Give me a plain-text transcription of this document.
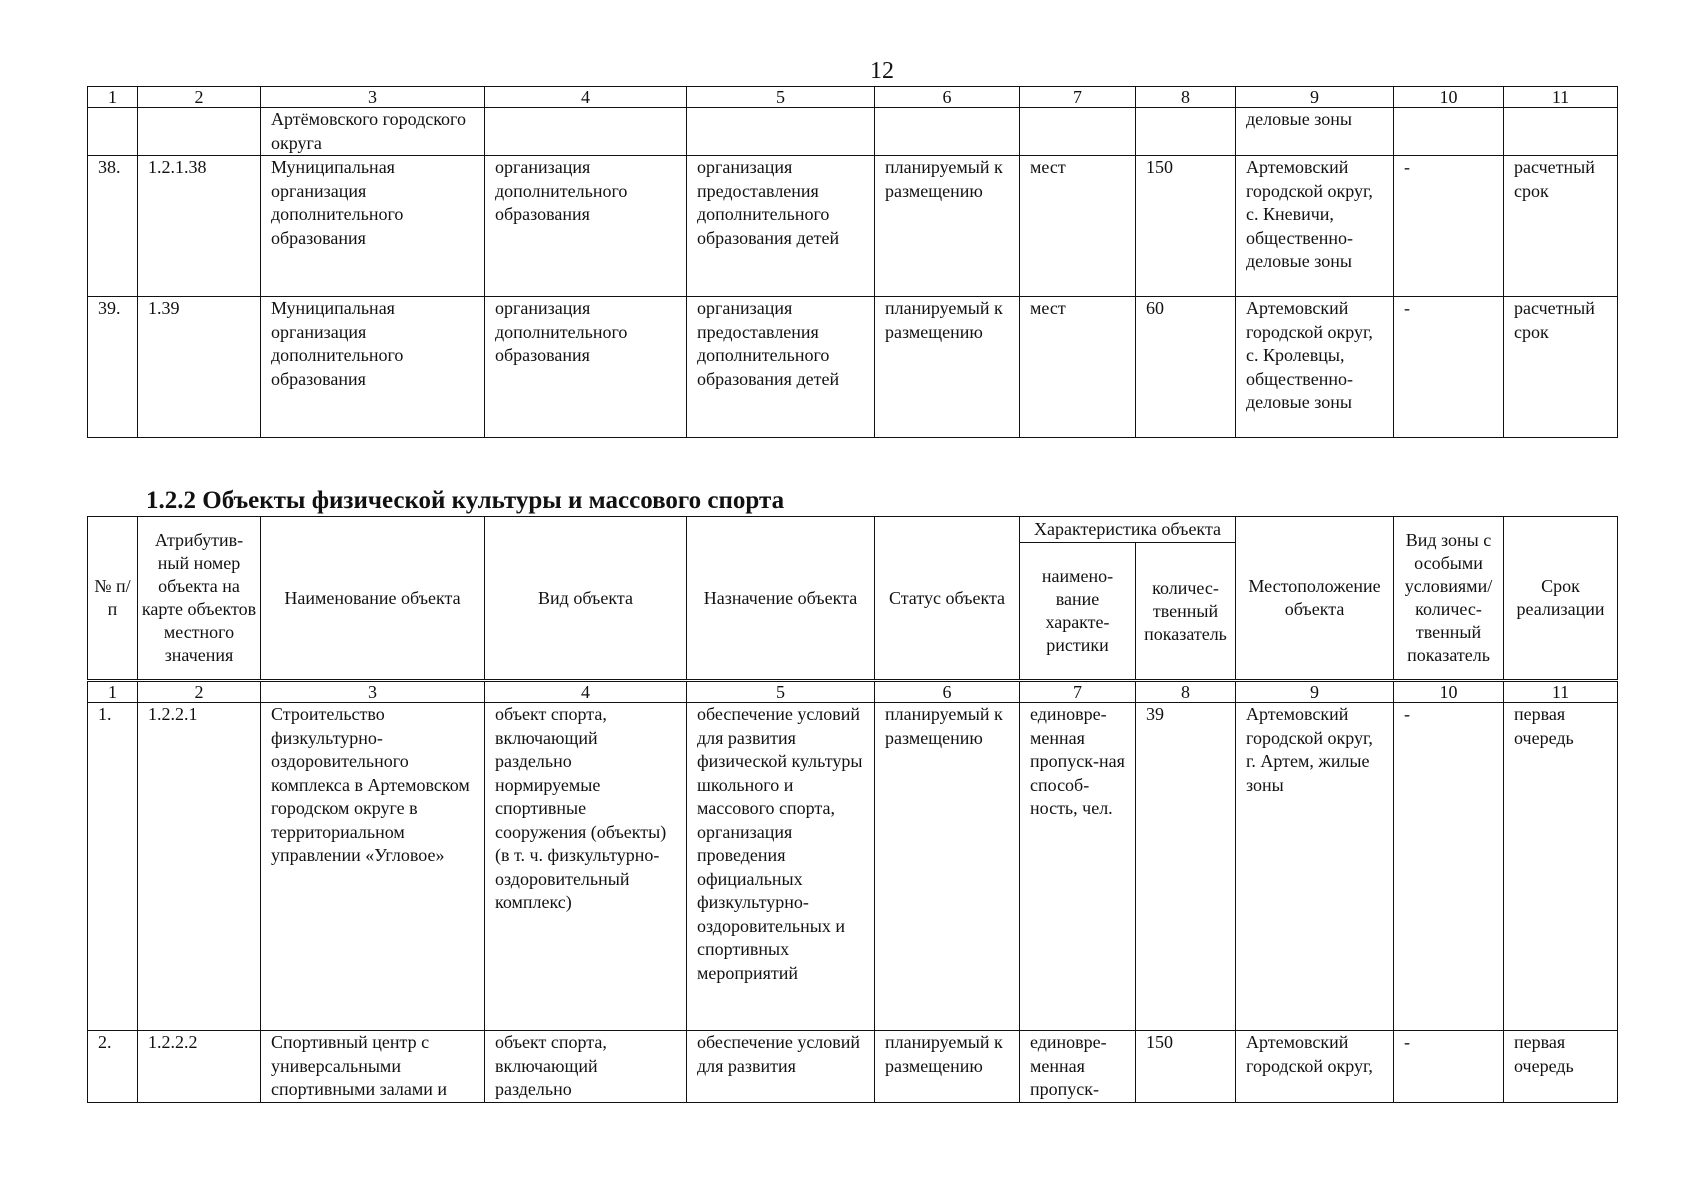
12
1	2	3	4	5	6	7	8	9	10	11
		Артёмовского городского округа						деловые зоны		
38.	1.2.1.38	Муниципальная организация дополнительного образования	организация дополнительного образования	организация предоставления дополнительного образования детей	планируемый к размещению	мест	150	Артемовский городской округ, с. Кневичи, общественно-деловые зоны	-	расчетный срок
39.	1.39	Муниципальная организация дополнительного образования	организация дополнительного образования	организация предоставления дополнительного образования детей	планируемый к размещению	мест	60	Артемовский городской округ, с. Кролевцы, общественно-деловые зоны	-	расчетный срок
1.2.2 Объекты физической культуры и массового спорта
№ п/п	Атрибутив-ный номер объекта на карте объектов местного значения	Наименование объекта	Вид объекта	Назначение объекта	Статус объекта	Характеристика объекта		Местоположение объекта	Вид зоны с особыми условиями/ количес-твенный показатель	Срок реализации
						наимено-вание характе-ристики	количес-твенный показатель			
1	2	3	4	5	6	7	8	9	10	11
1.	1.2.2.1	Строительство физкультурно-оздоровительного комплекса в Артемовском городском округе в территориальном управлении «Угловое»	объект спорта, включающий раздельно нормируемые спортивные сооружения (объекты) (в т. ч. физкультурно-оздоровительный комплекс)	обеспечение условий для развития физической культуры школьного и массового спорта, организация проведения официальных физкультурно-оздоровительных и спортивных мероприятий	планируемый к размещению	единовре-менная пропуск-ная способ-ность, чел.	39	Артемовский городской округ, г. Артем, жилые зоны	-	первая очередь
2.	1.2.2.2	Спортивный центр с универсальными спортивными залами и	объект спорта, включающий раздельно	обеспечение условий для развития	планируемый к размещению	единовре-менная пропуск-	150	Артемовский городской округ,	-	первая очередь
